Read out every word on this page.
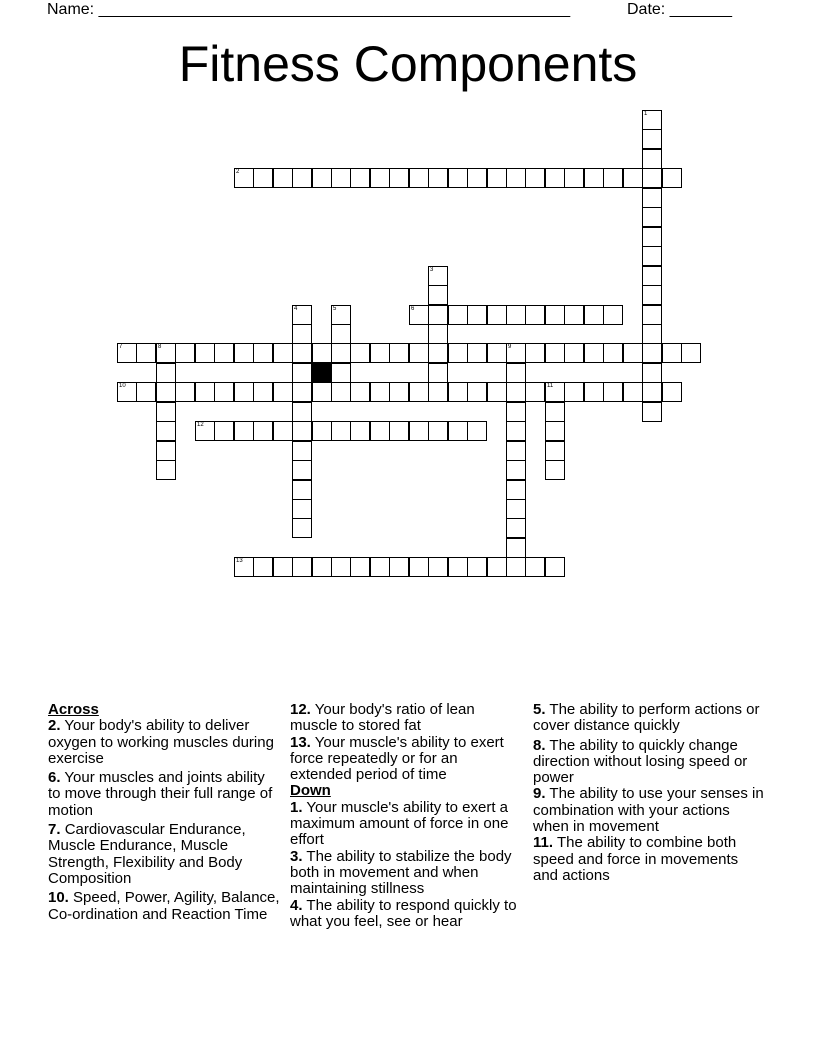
Name: _____________________________________________________	Date: _______
Fitness Components
1
2
3
4	5	6
7	8	9
10	11
12
13
Across
2. Your body's ability to deliver oxygen to working muscles during exercise
6. Your muscles and joints ability to move through their full range of motion
7. Cardiovascular Endurance, Muscle Endurance, Muscle Strength, Flexibility and Body Composition
10. Speed, Power, Agility, Balance, Co-ordination and Reaction Time
12. Your body's ratio of lean muscle to stored fat
13. Your muscle's ability to exert force repeatedly or for an extended period of time
Down
1. Your muscle's ability to exert a maximum amount of force in one effort
3. The ability to stabilize the body both in movement and when maintaining stillness
4. The ability to respond quickly to what you feel, see or hear
5. The ability to perform actions or cover distance quickly
8. The ability to quickly change direction without losing speed or power
9. The ability to use your senses in combination with your actions when in movement
11. The ability to combine both speed and force in movements and actions
